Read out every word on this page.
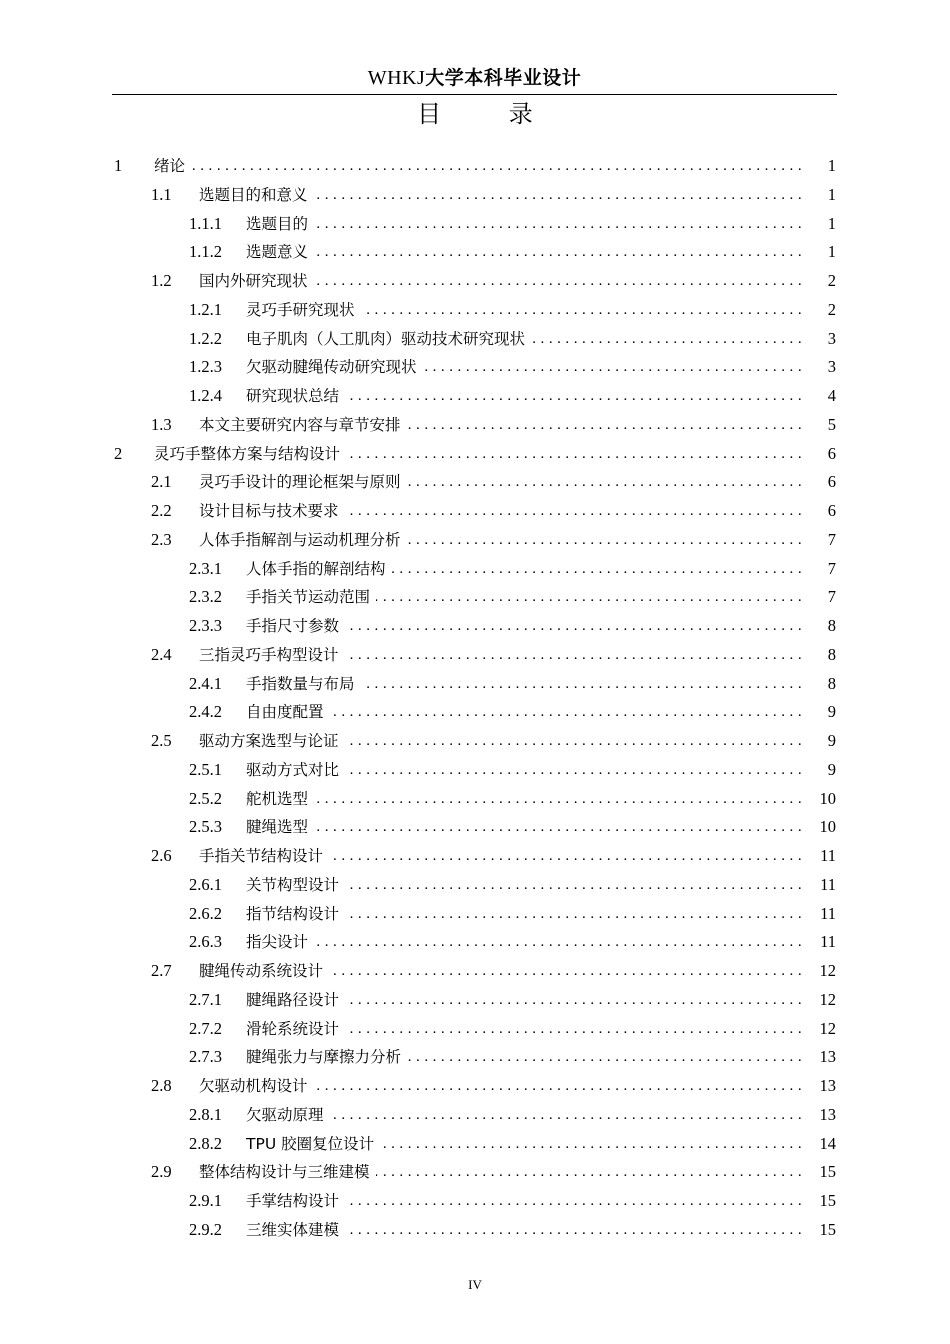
WHKJ大学本科毕业设计
目 录
1	绪论 . . .	1
1.1	选题目的和意义 . . .	1
1.1.1	选题目的 . . .	1
1.1.2	选题意义 . . .	1
1.2	国内外研究现状 . . .	2
1.2.1	灵巧手研究现状 . . .	2
1.2.2	电子肌肉（人工肌肉）驱动技术研究现状 . . .	3
1.2.3	欠驱动腱绳传动研究现状 . . .	3
1.2.4	研究现状总结 . . .	4
1.3	本文主要研究内容与章节安排 . . .	5
2	灵巧手整体方案与结构设计 . . .	6
2.1	灵巧手设计的理论框架与原则 . . .	6
2.2	设计目标与技术要求 . . .	6
2.3	人体手指解剖与运动机理分析 . . .	7
2.3.1	人体手指的解剖结构 . . .	7
2.3.2	手指关节运动范围 . . .	7
2.3.3	手指尺寸参数 . . .	8
2.4	三指灵巧手构型设计 . . .	8
2.4.1	手指数量与布局 . . .	8
2.4.2	自由度配置 . . .	9
2.5	驱动方案选型与论证 . . .	9
2.5.1	驱动方式对比 . . .	9
2.5.2	舵机选型 . . .	10
2.5.3	腱绳选型 . . .	10
2.6	手指关节结构设计 . . .	11
2.6.1	关节构型设计 . . .	11
2.6.2	指节结构设计 . . .	11
2.6.3	指尖设计 . . .	11
2.7	腱绳传动系统设计 . . .	12
2.7.1	腱绳路径设计 . . .	12
2.7.2	滑轮系统设计 . . .	12
2.7.3	腱绳张力与摩擦力分析 . . .	13
2.8	欠驱动机构设计 . . .	13
2.8.1	欠驱动原理 . . .	13
2.8.2	TPU 胶圈复位设计 . . .	14
2.9	整体结构设计与三维建模 . . .	15
2.9.1	手掌结构设计 . . .	15
2.9.2	三维实体建模 . . .	15
IV
